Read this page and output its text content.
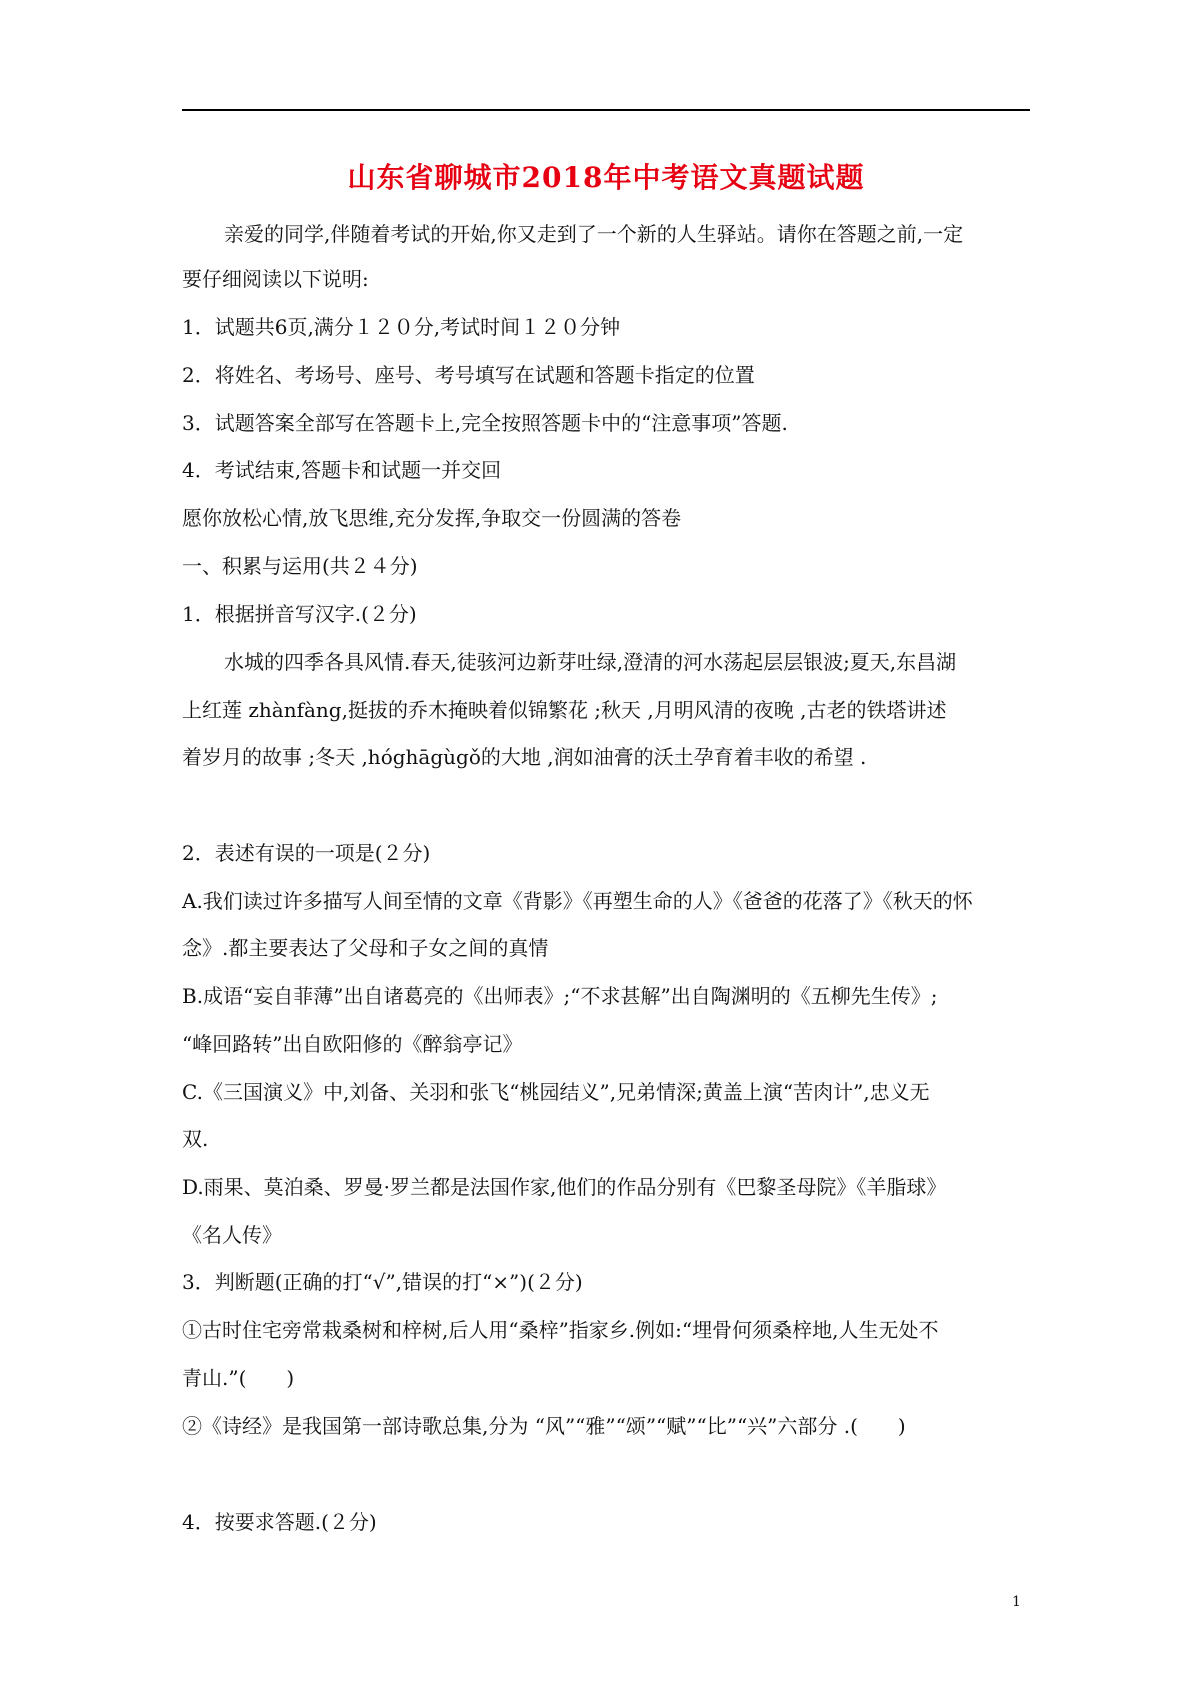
山东省聊城市2018年中考语文真题试题
亲爱的同学,伴随着考试的开始,你又走到了一个新的人生驿站。请你在答题之前,一定
要仔细阅读以下说明:
1．试题共6页,满分１２０分,考试时间１２０分钟
2．将姓名、考场号、座号、考号填写在试题和答题卡指定的位置
3．试题答案全部写在答题卡上,完全按照答题卡中的“注意事项”答题.
4．考试结束,答题卡和试题一并交回
愿你放松心情,放飞思维,充分发挥,争取交一份圆满的答卷
一、积累与运用(共２４分)
1．根据拼音写汉字.(２分)
水城的四季各具风情.春天,徒骇河边新芽吐绿,澄清的河水荡起层层银波;夏天,东昌湖
上红莲 zhànfàng,挺拔的乔木掩映着似锦繁花 ;秋天 ,月明风清的夜晚 ,古老的铁塔讲述
着岁月的故事 ;冬天 ,hóghāgùgǒ的大地 ,润如油膏的沃土孕育着丰收的希望 .
2．表述有误的一项是(２分)
A.我们读过许多描写人间至情的文章《背影》《再塑生命的人》《爸爸的花落了》《秋天的怀
念》.都主要表达了父母和子女之间的真情
B.成语“妄自菲薄”出自诸葛亮的《出师表》;“不求甚解”出自陶渊明的《五柳先生传》;
“峰回路转”出自欧阳修的《醉翁亭记》
C.《三国演义》中,刘备、关羽和张飞“桃园结义”,兄弟情深;黄盖上演“苦肉计”,忠义无
双.
D.雨果、莫泊桑、罗曼·罗兰都是法国作家,他们的作品分别有《巴黎圣母院》《羊脂球》
《名人传》
3．判断题(正确的打“√”,错误的打“×”)(２分)
①古时住宅旁常栽桑树和梓树,后人用“桑梓”指家乡.例如:“埋骨何须桑梓地,人生无处不
青山.”(　　)
②《诗经》是我国第一部诗歌总集,分为 “风”“雅”“颂”“赋”“比”“兴”六部分 .(　　)
4．按要求答题.(２分)
1
